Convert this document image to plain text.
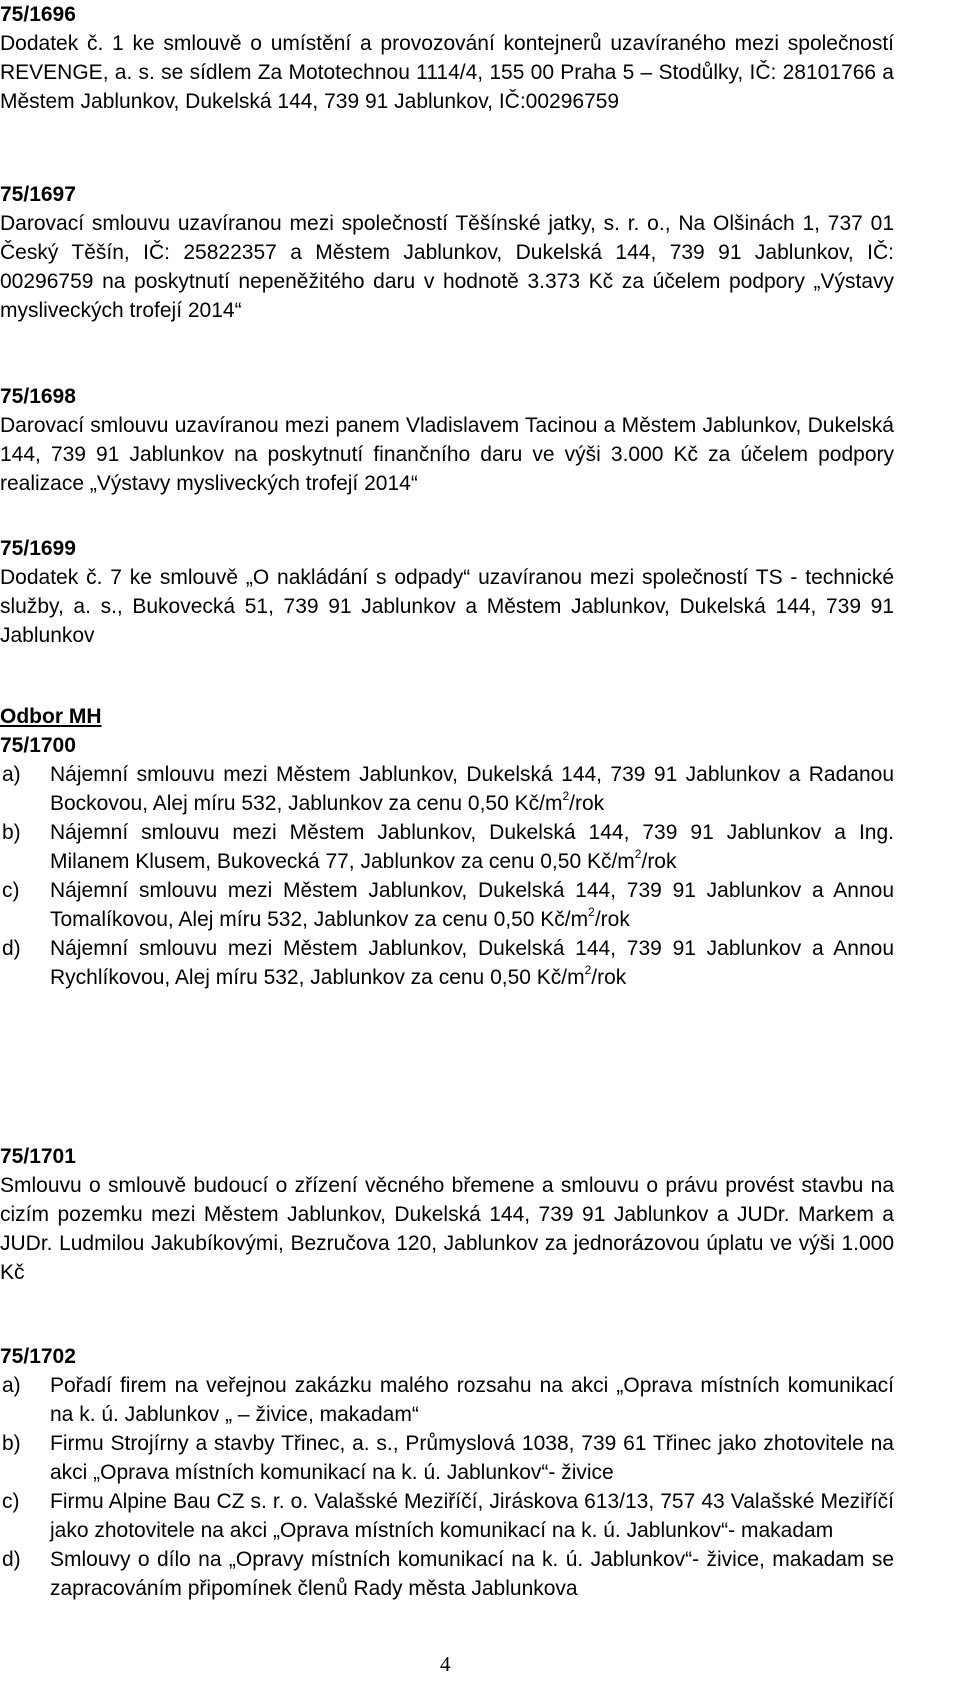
75/1696

Dodatek č. 1 ke smlouvě o umístění a provozování kontejnerů uzavíraného mezi společností REVENGE, a. s. se sídlem Za Mototechnou 1114/4, 155 00 Praha 5 – Stodůlky, IČ: 28101766 a Městem Jablunkov, Dukelská 144, 739 91 Jablunkov, IČ:00296759

75/1697

Darovací smlouvu uzavíranou mezi společností Těšínské jatky, s. r. o., Na Olšinách 1, 737 01 Český Těšín, IČ: 25822357 a Městem Jablunkov, Dukelská 144, 739 91 Jablunkov, IČ: 00296759 na poskytnutí nepeněžitého daru v hodnotě 3.373 Kč za účelem podpory „Výstavy mysliveckých trofejí 2014“

75/1698

Darovací smlouvu uzavíranou mezi panem Vladislavem Tacinou a Městem Jablunkov, Dukelská 144, 739 91 Jablunkov na poskytnutí finančního daru ve výši 3.000 Kč za účelem podpory realizace „Výstavy mysliveckých trofejí 2014“

75/1699

Dodatek č. 7 ke smlouvě „O nakládání s odpady“ uzavíranou mezi společností TS - technické služby, a. s., Bukovecká 51, 739 91 Jablunkov a Městem Jablunkov, Dukelská 144, 739 91 Jablunkov

Odbor MH

75/1700

a) Nájemní smlouvu mezi Městem Jablunkov, Dukelská 144, 739 91 Jablunkov a Radanou Bockovou, Alej míru 532, Jablunkov za cenu 0,50 $Kč/m^2$/rok
b) Nájemní smlouvu mezi Městem Jablunkov, Dukelská 144, 739 91 Jablunkov a Ing. Milanem Klusem, Bukovecká 77, Jablunkov za cenu 0,50 $Kč/m^2$/rok
c) Nájemní smlouvu mezi Městem Jablunkov, Dukelská 144, 739 91 Jablunkov a Annou Tomalíkovou, Alej míru 532, Jablunkov za cenu 0,50 $Kč/m^2$/rok
d) Nájemní smlouvu mezi Městem Jablunkov, Dukelská 144, 739 91 Jablunkov a Annou Rychlíkovou, Alej míru 532, Jablunkov za cenu 0,50 $Kč/m^2$/rok

75/1701

Smlouvu o smlouvě budoucí o zřízení věcného břemene a smlouvu o právu provést stavbu na cizím pozemku mezi Městem Jablunkov, Dukelská 144, 739 91 Jablunkov a JUDr. Markem a JUDr. Ludmilou Jakubíkovými, Bezručova 120, Jablunkov za jednorázovou úplatu ve výši 1.000 Kč

75/1702

a) Pořadí firem na veřejnou zakázku malého rozsahu na akci „Oprava místních komunikací na k. ú. Jablunkov „ – živice, makadam“
b) Firmu Strojírny a stavby Třinec, a. s., Průmyslová 1038, 739 61 Třinec jako zhotovitele na akci „Oprava místních komunikací na k. ú. Jablunkov“- živice
c) Firmu Alpine Bau CZ s. r. o. Valašské Meziříčí, Jiráskova 613/13, 757 43 Valašské Meziříčí jako zhotovitele na akci „Oprava místních komunikací na k. ú. Jablunkov“- makadam
d) Smlouvy o dílo na „Opravy místních komunikací na k. ú. Jablunkov“- živice, makadam se zapracováním připomínek členů Rady města Jablunkova
4
